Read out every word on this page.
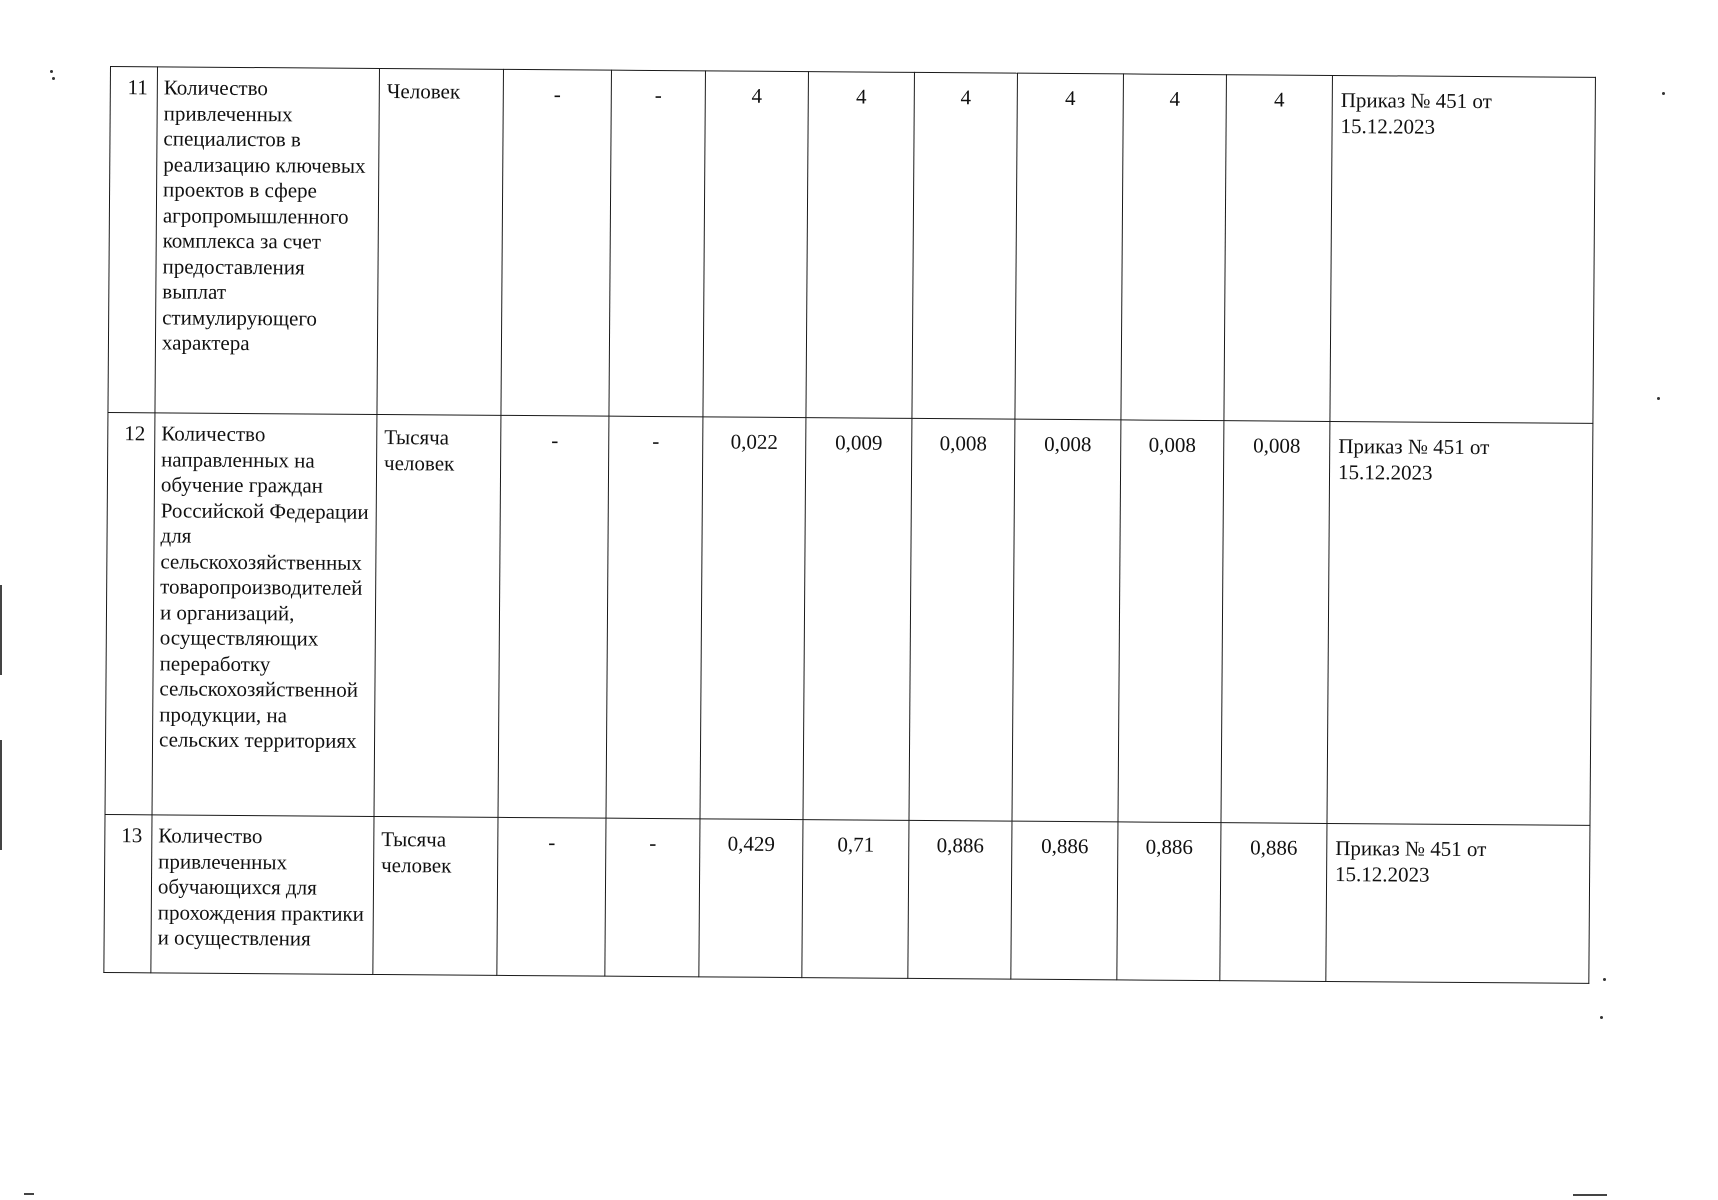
11	Количество привлеченных специалистов в реализацию ключевых проектов в сфере агропромышленного комплекса за счет предоставления выплат стимулирующего характера	Человек	-	-	4	4	4	4	4	4	Приказ № 451 от 15.12.2023
12	Количество направленных на обучение граждан Российской Федерации для сельскохозяйственных товаропроизводителей и организаций, осуществляющих переработку сельскохозяйственной продукции, на сельских территориях	Тысяча человек	-	-	0,022	0,009	0,008	0,008	0,008	0,008	Приказ № 451 от 15.12.2023
13	Количество привлеченных обучающихся для прохождения практики и осуществления	Тысяча человек	-	-	0,429	0,71	0,886	0,886	0,886	0,886	Приказ № 451 от 15.12.2023
